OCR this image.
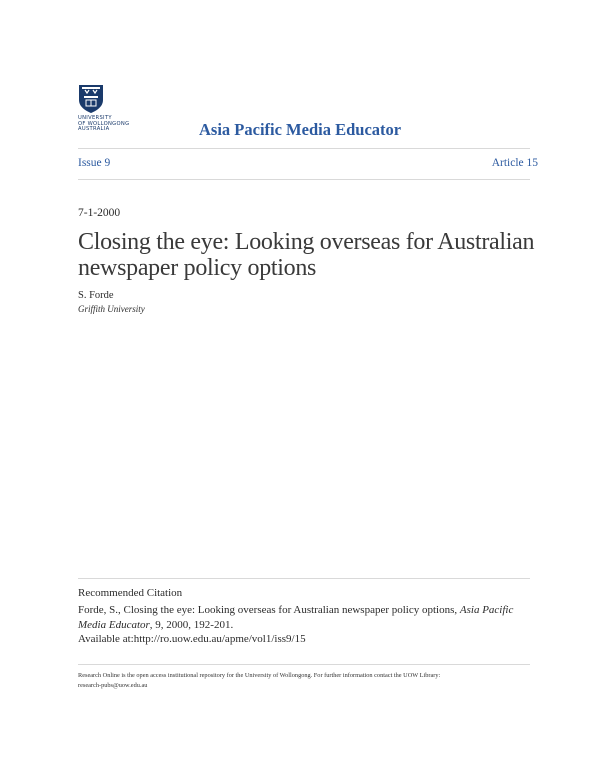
UNIVERSITY
OF WOLLONGONG
AUSTRALIA	Asia Pacific Media Educator
Issue 9	Article 15
7-1-2000
Closing the eye: Looking overseas for Australian newspaper policy options
S. Forde
Griffith University
Recommended Citation
Forde, S., Closing the eye: Looking overseas for Australian newspaper policy options, Asia Pacific Media Educator, 9, 2000, 192-201.
Available at:http://ro.uow.edu.au/apme/vol1/iss9/15
Research Online is the open access institutional repository for the University of Wollongong. For further information contact the UOW Library:
research-pubs@uow.edu.au
